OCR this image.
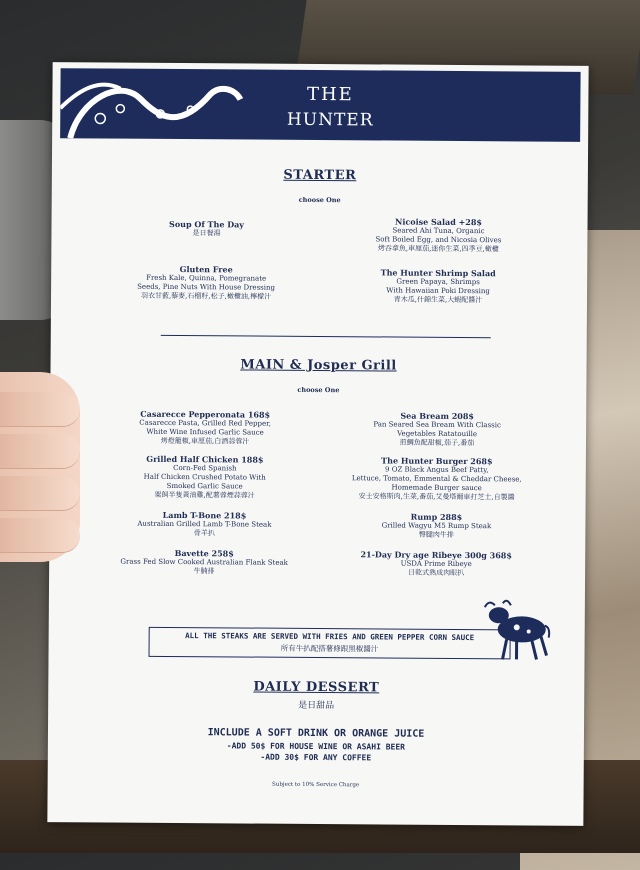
THE
HUNTER
STARTER
choose One
Soup Of The Day
是日餐湯
Gluten Free
Fresh Kale, Quinna, Pomegranate
Seeds, Pine Nuts With House Dressing
羽衣甘藍,藜麥,石榴籽,松子,橄欖油,檸檬汁
Nicoise Salad +28$
Seared Ahi Tuna, Organic
Soft Boiled Egg, and Nicosia Olives
烤吞拿魚,車厘茄,迷你生菜,四季豆,橄欖
The Hunter Shrimp Salad
Green Papaya, Shrimps
With Hawaiian Poki Dressing
青木瓜,什錦生菜,大蝦配醬汁
MAIN & Josper Grill
choose One
Casarecce Pepperonata 168$
Casarecce Pasta, Grilled Red Pepper,
White Wine Infused Garlic Sauce
烤燈籠椒,車厘茄,白酒蒜蓉汁
Grilled Half Chicken 188$
Corn-Fed Spanish
Half Chicken Crushed Potato With
Smoked Garlic Sauce
粟飼半隻黃油雞,配薯蓉煙蒜蓉汁
Lamb T-Bone 218$
Australian Grilled Lamb T-Bone Steak
骨羊扒
Bavette 258$
Grass Fed Slow Cooked Australian Flank Steak
牛腩排
Sea Bream 208$
Pan Seared Sea Bream With Classic
Vegetables Ratatouille
煎鯛魚配甜椒,茄子,番茄
The Hunter Burger 268$
9 OZ Black Angus Beef Patty,
Lettuce, Tomato, Emmental & Cheddar Cheese,
Homemade Burger sauce
安士安格斯肉,生菜,番茄,艾曼塔爾車打芝士,自製醬
Rump 288$
Grilled Wagyu M5 Rump Steak
臀腱肉牛排
21-Day Dry age Ribeye 300g 368$
USDA Prime Ribeye
日乾式熟成肉眼扒
ALL THE STEAKS ARE SERVED WITH FRIES AND GREEN PEPPER CORN SAUCE
所有牛扒配搭薯條跟黑椒醬汁
DAILY DESSERT
是日甜品
INCLUDE A SOFT DRINK OR ORANGE JUICE
-ADD 50$ FOR HOUSE WINE OR ASAHI BEER
-ADD 30$ FOR ANY COFFEE
Subject to 10% Service Charge
